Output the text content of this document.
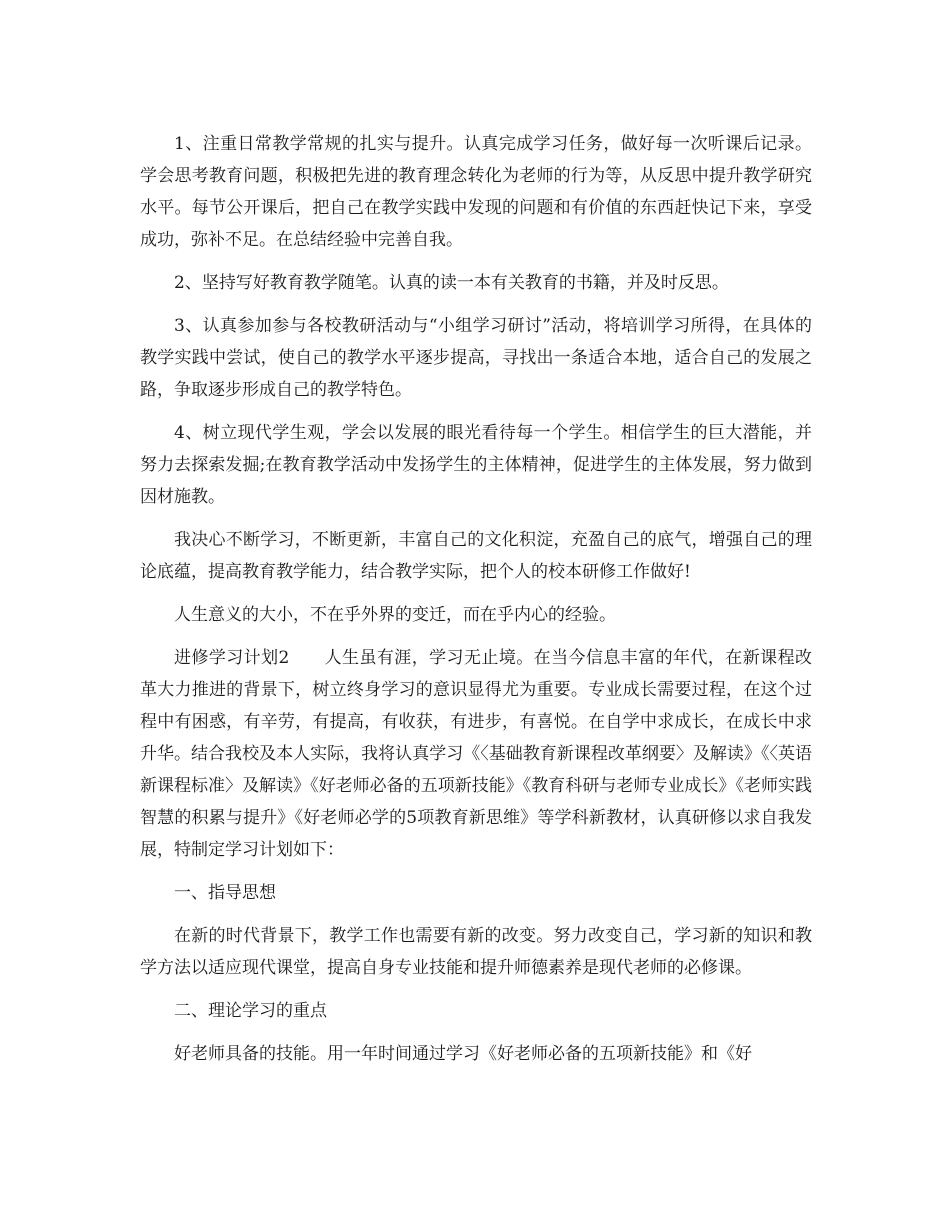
1、注重日常教学常规的扎实与提升。认真完成学习任务，做好每一次听课后记录。学会思考教育问题，积极把先进的教育理念转化为老师的行为等，从反思中提升教学研究水平。每节公开课后，把自己在教学实践中发现的问题和有价值的东西赶快记下来，享受成功，弥补不足。在总结经验中完善自我。

2、坚持写好教育教学随笔。认真的读一本有关教育的书籍，并及时反思。

3、认真参加参与各校教研活动与“小组学习研讨”活动，将培训学习所得，在具体的教学实践中尝试，使自己的教学水平逐步提高，寻找出一条适合本地，适合自己的发展之路，争取逐步形成自己的教学特色。

4、树立现代学生观，学会以发展的眼光看待每一个学生。相信学生的巨大潜能，并努力去探索发掘;在教育教学活动中发扬学生的主体精神，促进学生的主体发展，努力做到因材施教。

我决心不断学习，不断更新，丰富自己的文化积淀，充盈自己的底气，增强自己的理论底蕴，提高教育教学能力，结合教学实际，把个人的校本研修工作做好!

人生意义的大小，不在乎外界的变迁，而在乎内心的经验。

进修学习计划2　　人生虽有涯，学习无止境。在当今信息丰富的年代，在新课程改革大力推进的背景下，树立终身学习的意识显得尤为重要。专业成长需要过程，在这个过程中有困惑，有辛劳，有提高，有收获，有进步，有喜悦。在自学中求成长，在成长中求升华。结合我校及本人实际，我将认真学习《〈基础教育新课程改革纲要〉及解读》《〈英语新课程标准〉及解读》《好老师必备的五项新技能》《教育科研与老师专业成长》《老师实践智慧的积累与提升》《好老师必学的5项教育新思维》等学科新教材，认真研修以求自我发展，特制定学习计划如下：

一、指导思想

在新的时代背景下，教学工作也需要有新的改变。努力改变自己，学习新的知识和教学方法以适应现代课堂，提高自身专业技能和提升师德素养是现代老师的必修课。

二、理论学习的重点

好老师具备的技能。用一年时间通过学习《好老师必备的五项新技能》和《好
